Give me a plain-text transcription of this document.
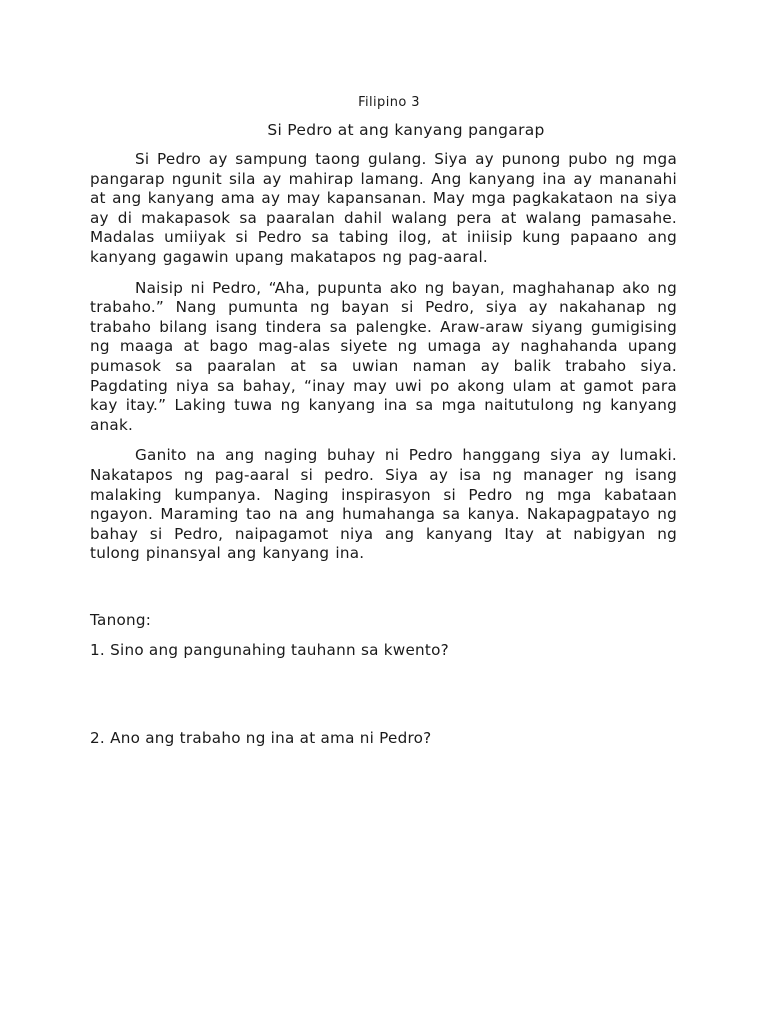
Filipino 3
Si Pedro at ang kanyang pangarap

Si Pedro ay sampung taong gulang. Siya ay punong pubo ng mga pangarap ngunit sila ay mahirap lamang. Ang kanyang ina ay mananahi at ang kanyang ama ay may kapansanan. May mga pagkakataon na siya ay di makapasok sa paaralan dahil walang pera at walang pamasahe. Madalas umiiyak si Pedro sa tabing ilog, at iniisip kung papaano ang kanyang gagawin upang makatapos ng pag-aaral.

Naisip ni Pedro, “Aha, pupunta ako ng bayan, maghahanap ako ng trabaho.” Nang pumunta ng bayan si Pedro, siya ay nakahanap ng trabaho bilang isang tindera sa palengke. Araw-araw siyang gumigising ng maaga at bago mag-alas siyete ng umaga ay naghahanda upang pumasok sa paaralan at sa uwian naman ay balik trabaho siya. Pagdating niya sa bahay, “inay may uwi po akong ulam at gamot para kay itay.” Laking tuwa ng kanyang ina sa mga naitutulong ng kanyang anak.

Ganito na ang naging buhay ni Pedro hanggang siya ay lumaki. Nakatapos ng pag-aaral si pedro. Siya ay isa ng manager ng isang malaking kumpanya. Naging inspirasyon si Pedro ng mga kabataan ngayon. Maraming tao na ang humahanga sa kanya. Nakapagpatayo ng bahay si Pedro, naipagamot niya ang kanyang Itay at nabigyan ng tulong pinansyal ang kanyang ina.

Tanong:

1. Sino ang pangunahing tauhann sa kwento?

2. Ano ang trabaho ng ina at ama ni Pedro?
